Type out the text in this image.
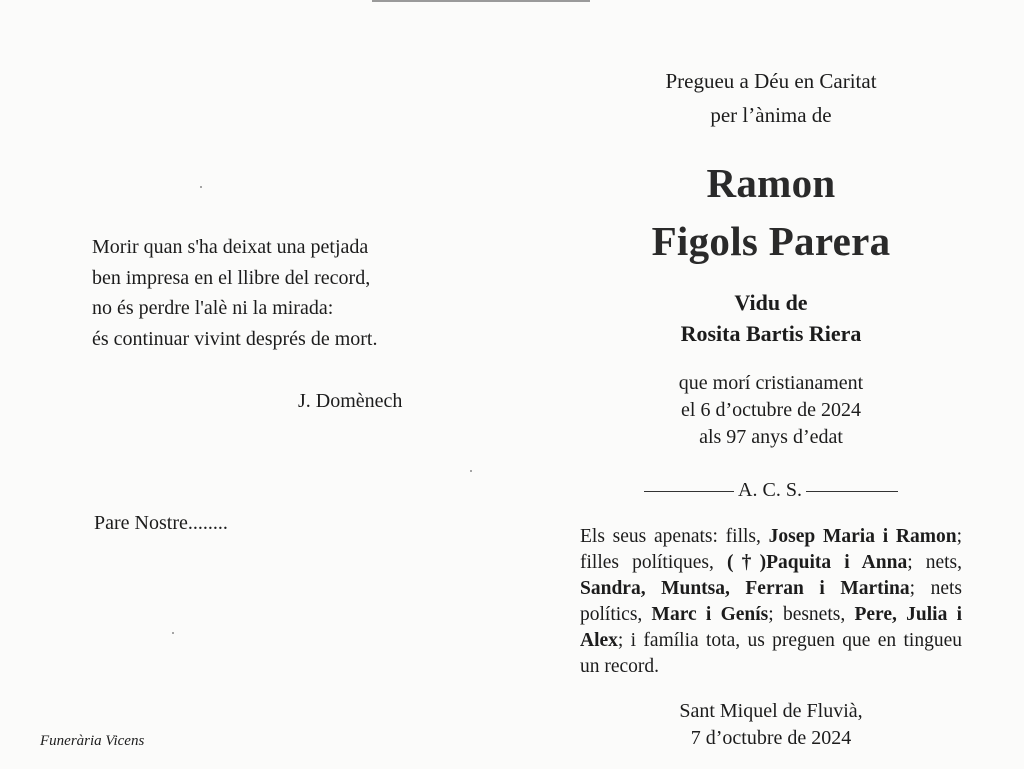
Morir quan s'ha deixat una petjada
ben impresa en el llibre del record,
no és perdre l'alè ni la mirada:
és continuar vivint després de mort.
J. Domènech
Pare Nostre........
Funerària Vicens
Pregueu a Déu en Caritat
per l’ànima de
Ramon
Figols Parera
Vidu de
Rosita Bartis Riera
que morí cristianament
el 6 d’octubre de 2024
als 97 anys d’edat
A. C. S.
Els seus apenats: fills, Josep Maria i Ramon; filles polítiques, (†)Paquita i Anna; nets, Sandra, Muntsa, Ferran i Martina; nets polítics, Marc i Genís; besnets, Pere, Julia i Alex; i família tota, us preguen que en tingueu un record.
Sant Miquel de Fluvià,
7 d’octubre de 2024
